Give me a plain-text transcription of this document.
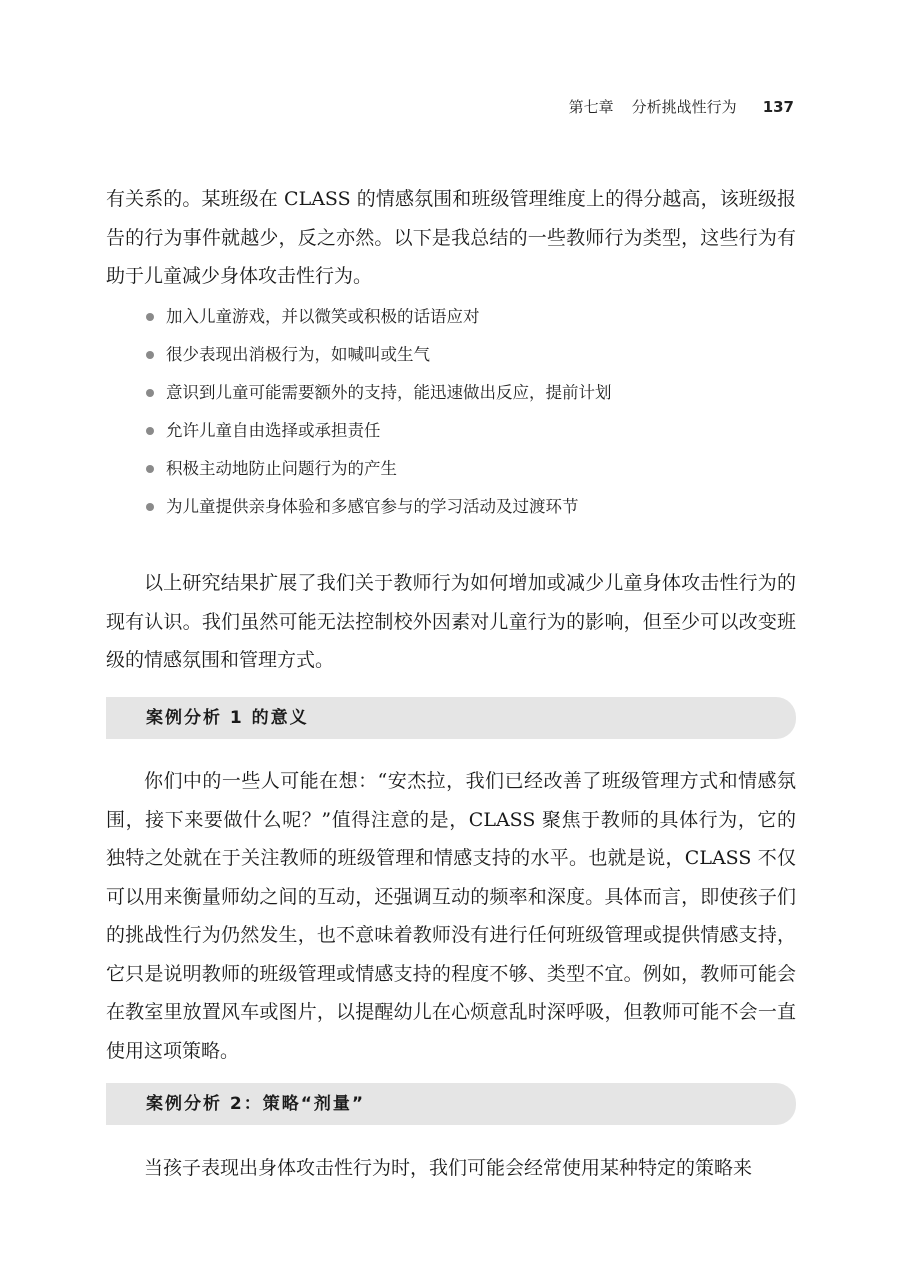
第七章 分析挑战性行为 137

有关系的。某班级在 CLASS 的情感氛围和班级管理维度上的得分越高，该班级报告的行为事件就越少，反之亦然。以下是我总结的一些教师行为类型，这些行为有助于儿童减少身体攻击性行为。

加入儿童游戏，并以微笑或积极的话语应对
很少表现出消极行为，如喊叫或生气
意识到儿童可能需要额外的支持，能迅速做出反应，提前计划
允许儿童自由选择或承担责任
积极主动地防止问题行为的产生
为儿童提供亲身体验和多感官参与的学习活动及过渡环节

以上研究结果扩展了我们关于教师行为如何增加或减少儿童身体攻击性行为的现有认识。我们虽然可能无法控制校外因素对儿童行为的影响，但至少可以改变班级的情感氛围和管理方式。

案例分析 1 的意义

你们中的一些人可能在想：“安杰拉，我们已经改善了班级管理方式和情感氛围，接下来要做什么呢？”值得注意的是，CLASS 聚焦于教师的具体行为，它的独特之处就在于关注教师的班级管理和情感支持的水平。也就是说，CLASS 不仅可以用来衡量师幼之间的互动，还强调互动的频率和深度。具体而言，即使孩子们的挑战性行为仍然发生，也不意味着教师没有进行任何班级管理或提供情感支持，它只是说明教师的班级管理或情感支持的程度不够、类型不宜。例如，教师可能会在教室里放置风车或图片，以提醒幼儿在心烦意乱时深呼吸，但教师可能不会一直使用这项策略。

案例分析 2：策略“剂量”

当孩子表现出身体攻击性行为时，我们可能会经常使用某种特定的策略来
